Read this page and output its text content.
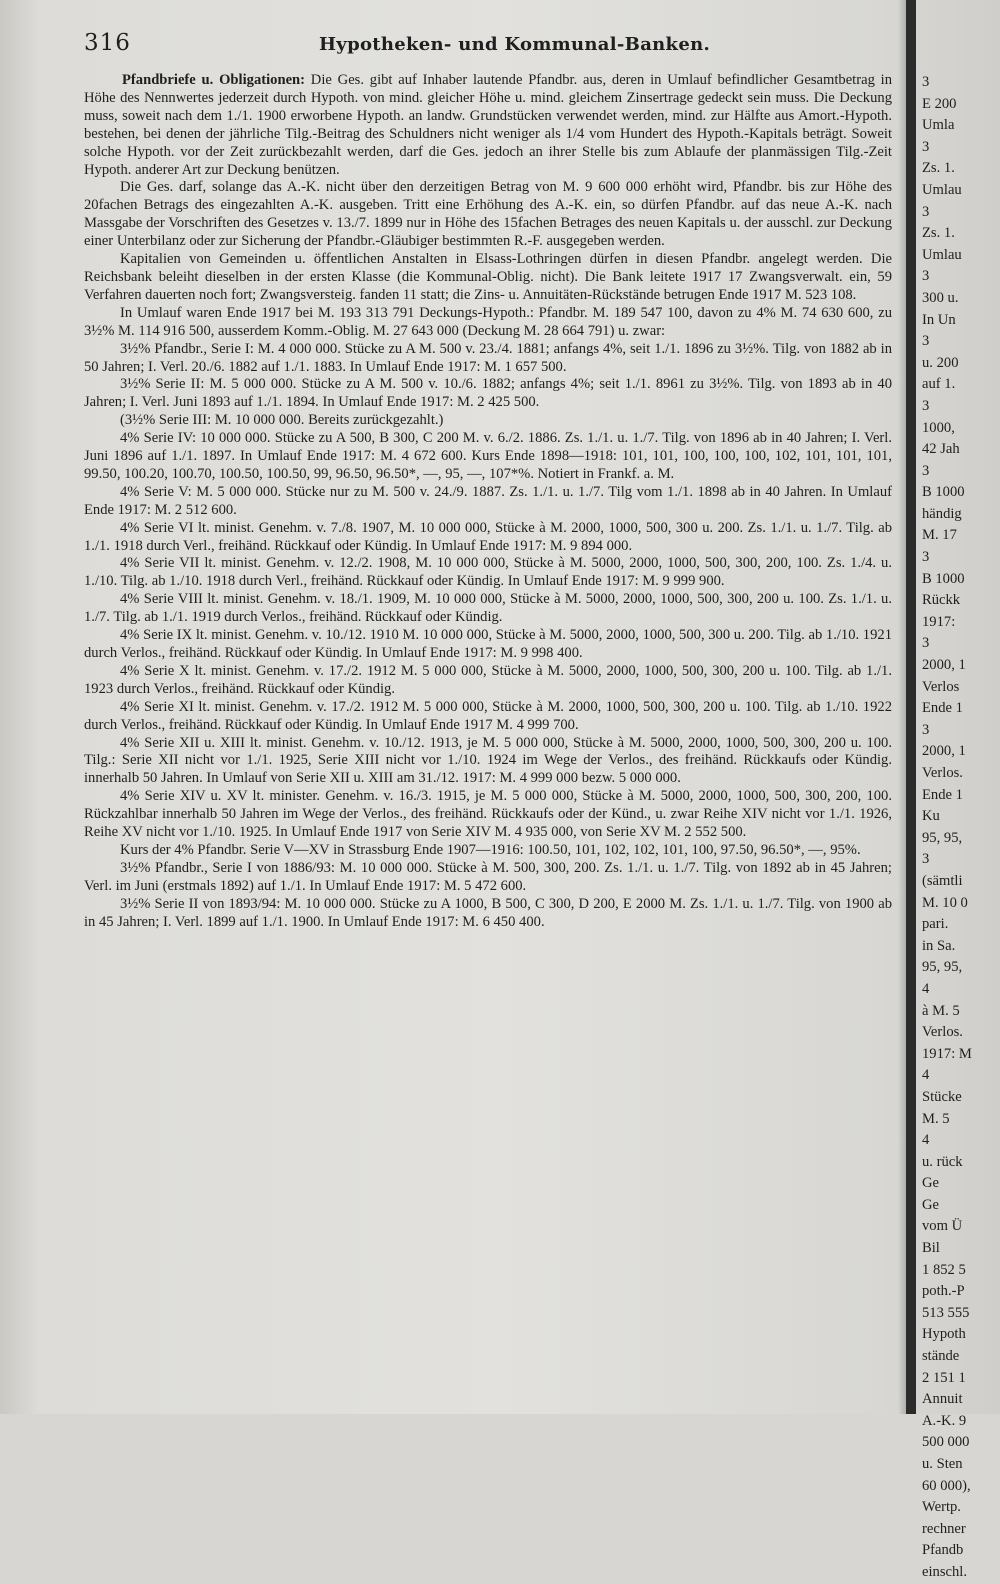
316	Hypotheken- und Kommunal-Banken.

Pfandbriefe u. Obligationen: Die Ges. gibt auf Inhaber lautende Pfandbr. aus, deren in Umlauf befindlicher Gesamtbetrag in Höhe des Nennwertes jederzeit durch Hypoth. von mind. gleicher Höhe u. mind. gleichem Zinsertrage gedeckt sein muss. Die Deckung muss, soweit nach dem 1./1. 1900 erworbene Hypoth. an landw. Grundstücken verwendet werden, mind. zur Hälfte aus Amort.-Hypoth. bestehen, bei denen der jährliche Tilg.-Beitrag des Schuldners nicht weniger als 1/4 vom Hundert des Hypoth.-Kapitals beträgt. Soweit solche Hypoth. vor der Zeit zurückbezahlt werden, darf die Ges. jedoch an ihrer Stelle bis zum Ablaufe der planmässigen Tilg.-Zeit Hypoth. anderer Art zur Deckung benützen.

Die Ges. darf, solange das A.-K. nicht über den derzeitigen Betrag von M. 9 600 000 erhöht wird, Pfandbr. bis zur Höhe des 20fachen Betrags des eingezahlten A.-K. ausgeben. Tritt eine Erhöhung des A.-K. ein, so dürfen Pfandbr. auf das neue A.-K. nach Massgabe der Vorschriften des Gesetzes v. 13./7. 1899 nur in Höhe des 15fachen Betrages des neuen Kapitals u. der ausschl. zur Deckung einer Unterbilanz oder zur Sicherung der Pfandbr.-Gläubiger bestimmten R.-F. ausgegeben werden.

Kapitalien von Gemeinden u. öffentlichen Anstalten in Elsass-Lothringen dürfen in diesen Pfandbr. angelegt werden. Die Reichsbank beleiht dieselben in der ersten Klasse (die Kommunal-Oblig. nicht). Die Bank leitete 1917 17 Zwangsverwalt. ein, 59 Verfahren dauerten noch fort; Zwangsversteig. fanden 11 statt; die Zins- u. Annuitäten-Rückstände betrugen Ende 1917 M. 523 108.

In Umlauf waren Ende 1917 bei M. 193 313 791 Deckungs-Hypoth.: Pfandbr. M. 189 547 100, davon zu 4% M. 74 630 600, zu 3½% M. 114 916 500, ausserdem Komm.-Oblig. M. 27 643 000 (Deckung M. 28 664 791) u. zwar:

3½% Pfandbr., Serie I: M. 4 000 000. Stücke zu A M. 500 v. 23./4. 1881; anfangs 4%, seit 1./1. 1896 zu 3½%. Tilg. von 1882 ab in 50 Jahren; I. Verl. 20./6. 1882 auf 1./1. 1883. In Umlauf Ende 1917: M. 1 657 500.

3½% Serie II: M. 5 000 000. Stücke zu A M. 500 v. 10./6. 1882; anfangs 4%; seit 1./1. 8961 zu 3½%. Tilg. von 1893 ab in 40 Jahren; I. Verl. Juni 1893 auf 1./1. 1894. In Umlauf Ende 1917: M. 2 425 500.

(3½% Serie III: M. 10 000 000. Bereits zurückgezahlt.)

4% Serie IV: 10 000 000. Stücke zu A 500, B 300, C 200 M. v. 6./2. 1886. Zs. 1./1. u. 1./7. Tilg. von 1896 ab in 40 Jahren; I. Verl. Juni 1896 auf 1./1. 1897. In Umlauf Ende 1917: M. 4 672 600. Kurs Ende 1898—1918: 101, 101, 100, 100, 100, 102, 101, 101, 101, 99.50, 100.20, 100.70, 100.50, 100.50, 99, 96.50, 96.50*, —, 95, —, 107*%. Notiert in Frankf. a. M.

4% Serie V: M. 5 000 000. Stücke nur zu M. 500 v. 24./9. 1887. Zs. 1./1. u. 1./7. Tilg vom 1./1. 1898 ab in 40 Jahren. In Umlauf Ende 1917: M. 2 512 600.

4% Serie VI lt. minist. Genehm. v. 7./8. 1907, M. 10 000 000, Stücke à M. 2000, 1000, 500, 300 u. 200. Zs. 1./1. u. 1./7. Tilg. ab 1./1. 1918 durch Verl., freihänd. Rückkauf oder Kündig. In Umlauf Ende 1917: M. 9 894 000.

4% Serie VII lt. minist. Genehm. v. 12./2. 1908, M. 10 000 000, Stücke à M. 5000, 2000, 1000, 500, 300, 200, 100. Zs. 1./4. u. 1./10. Tilg. ab 1./10. 1918 durch Verl., freihänd. Rückkauf oder Kündig. In Umlauf Ende 1917: M. 9 999 900.

4% Serie VIII lt. minist. Genehm. v. 18./1. 1909, M. 10 000 000, Stücke à M. 5000, 2000, 1000, 500, 300, 200 u. 100. Zs. 1./1. u. 1./7. Tilg. ab 1./1. 1919 durch Verlos., freihänd. Rückkauf oder Kündig.

4% Serie IX lt. minist. Genehm. v. 10./12. 1910 M. 10 000 000, Stücke à M. 5000, 2000, 1000, 500, 300 u. 200. Tilg. ab 1./10. 1921 durch Verlos., freihänd. Rückkauf oder Kündig. In Umlauf Ende 1917: M. 9 998 400.

4% Serie X lt. minist. Genehm. v. 17./2. 1912 M. 5 000 000, Stücke à M. 5000, 2000, 1000, 500, 300, 200 u. 100. Tilg. ab 1./1. 1923 durch Verlos., freihänd. Rückkauf oder Kündig.

4% Serie XI lt. minist. Genehm. v. 17./2. 1912 M. 5 000 000, Stücke à M. 2000, 1000, 500, 300, 200 u. 100. Tilg. ab 1./10. 1922 durch Verlos., freihänd. Rückkauf oder Kündig. In Umlauf Ende 1917 M. 4 999 700.

4% Serie XII u. XIII lt. minist. Genehm. v. 10./12. 1913, je M. 5 000 000, Stücke à M. 5000, 2000, 1000, 500, 300, 200 u. 100. Tilg.: Serie XII nicht vor 1./1. 1925, Serie XIII nicht vor 1./10. 1924 im Wege der Verlos., des freihänd. Rückkaufs oder Kündig. innerhalb 50 Jahren. In Umlauf von Serie XII u. XIII am 31./12. 1917: M. 4 999 000 bezw. 5 000 000.

4% Serie XIV u. XV lt. minister. Genehm. v. 16./3. 1915, je M. 5 000 000, Stücke à M. 5000, 2000, 1000, 500, 300, 200, 100. Rückzahlbar innerhalb 50 Jahren im Wege der Verlos., des freihänd. Rückkaufs oder der Künd., u. zwar Reihe XIV nicht vor 1./1. 1926, Reihe XV nicht vor 1./10. 1925. In Umlauf Ende 1917 von Serie XIV M. 4 935 000, von Serie XV M. 2 552 500.

Kurs der 4% Pfandbr. Serie V—XV in Strassburg Ende 1907—1916: 100.50, 101, 102, 102, 101, 100, 97.50, 96.50*, —, 95%.

3½% Pfandbr., Serie I von 1886/93: M. 10 000 000. Stücke à M. 500, 300, 200. Zs. 1./1. u. 1./7. Tilg. von 1892 ab in 45 Jahren; Verl. im Juni (erstmals 1892) auf 1./1. In Umlauf Ende 1917: M. 5 472 600.

3½% Serie II von 1893/94: M. 10 000 000. Stücke zu A 1000, B 500, C 300, D 200, E 2000 M. Zs. 1./1. u. 1./7. Tilg. von 1900 ab in 45 Jahren; I. Verl. 1899 auf 1./1. 1900. In Umlauf Ende 1917: M. 6 450 400.

3
E 200
Umla
3
Zs. 1.
Umlau
3
Zs. 1.
Umlau
3
300 u.
In Un
3
u. 200
auf 1.
3
1000,
42 Jah
3
B 1000
händig
M. 17
3
B 1000
Rückk
1917:
3
2000, 1
Verlos
Ende 1
3
2000, 1
Verlos.
Ende 1
Ku
95, 95,
3
(sämtli
M. 10 0
pari.
in Sa.
95, 95,
4
à M. 5
Verlos.
1917: M
4
Stücke
M. 5
4
u. rück
Ge
Ge
vom Ü
Bil
1 852 5
poth.-P
513 555
Hypoth
stände
2 151 1
Annuit
A.-K. 9
500 000
u. Sten
60 000),
Wertp.
rechner
Pfandb
einschl.
